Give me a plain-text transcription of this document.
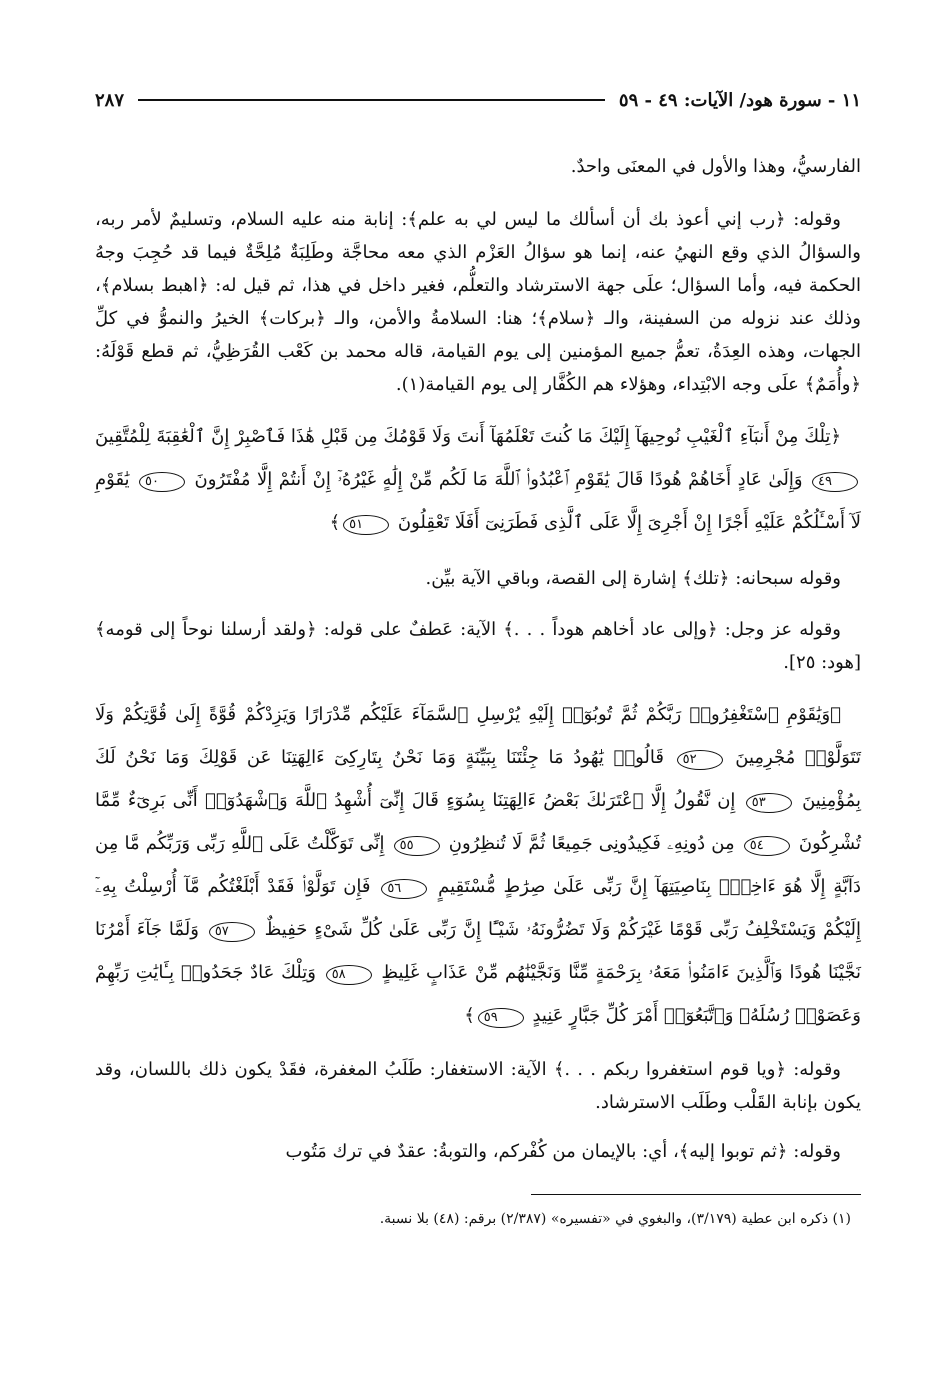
١١ - سورة هود/ الآيات: ٤٩ - ٥٩
٢٨٧

الفارسيُّ، وهذا والأول في المعنَى واحدٌ.

وقوله: ﴿رب إني أعوذ بك أن أسألك ما ليس لي به علم﴾: إنابة منه عليه السلام، وتسليمٌ لأمر ربه، والسؤالُ الذي وقع النهيُ عنه، إنما هو سؤالُ العَزْم الذي معه محاجَّة وطَلِبَةٌ مُلِحَّةٌ فيما قد حُجِبَ وجهُ الحكمة فيه، وأما السؤال؛ علَى جهة الاسترشاد والتعلُّم، فغير داخل في هذا، ثم قيل له: ﴿اهبط بسلام﴾، وذلك عند نزوله من السفينة، والـ ﴿سلام﴾؛ هنا: السلامةُ والأمن، والـ ﴿بركات﴾ الخيرُ والنموُّ في كلِّ الجهات، وهذه العِدَةُ، تعمُّ جميع المؤمنين إلى يوم القيامة، قاله محمد بن كَعْب القُرَظِيُّ، ثم قطع قَوْلَهُ: ﴿وأُمَمٌ﴾ علَى وجه الابْتِداء، وهؤلاء هم الكُفَّار إلى يوم القيامة(١).

﴿تِلْكَ مِنْ أَنبَآءِ ٱلْغَيْبِ نُوحِيهَآ إِلَيْكَ مَا كُنتَ تَعْلَمُهَآ أَنتَ وَلَا قَوْمُكَ مِن قَبْلِ هَٰذَا فَٱصْبِرْ إِنَّ ٱلْعَٰقِبَةَ لِلْمُتَّقِينَ ٤٩ وَإِلَىٰ عَادٍ أَخَاهُمْ هُودًا قَالَ يَٰقَوْمِ ٱعْبُدُوا۟ ٱللَّهَ مَا لَكُم مِّنْ إِلَٰهٍ غَيْرُهُۥٓ إِنْ أَنتُمْ إِلَّا مُفْتَرُونَ ٥٠ يَٰقَوْمِ لَآ أَسْـَٔلُكُمْ عَلَيْهِ أَجْرًا إِنْ أَجْرِىَ إِلَّا عَلَى ٱلَّذِى فَطَرَنِىٓ أَفَلَا تَعْقِلُونَ ٥١﴾

وقوله سبحانه: ﴿تلك﴾ إشارة إلى القصة، وباقي الآية بيِّن.

وقوله عز وجل: ﴿وإلى عاد أخاهم هوداً . . .﴾ الآية: عَطفٌ على قوله: ﴿ولقد أرسلنا نوحاً إلى قومه﴾ [هود: ٢٥].

﴿وَيَٰقَوْمِ ٱسْتَغْفِرُوا۟ رَبَّكُمْ ثُمَّ تُوبُوٓا۟ إِلَيْهِ يُرْسِلِ ٱلسَّمَآءَ عَلَيْكُم مِّدْرَارًا وَيَزِدْكُمْ قُوَّةً إِلَىٰ قُوَّتِكُمْ وَلَا تَتَوَلَّوْا۟ مُجْرِمِينَ ٥٢ قَالُوا۟ يَٰهُودُ مَا جِئْتَنَا بِبَيِّنَةٍ وَمَا نَحْنُ بِتَارِكِىٓ ءَالِهَتِنَا عَن قَوْلِكَ وَمَا نَحْنُ لَكَ بِمُؤْمِنِينَ ٥٣ إِن نَّقُولُ إِلَّا ٱعْتَرَىٰكَ بَعْضُ ءَالِهَتِنَا بِسُوٓءٍ قَالَ إِنِّىٓ أُشْهِدُ ٱللَّهَ وَٱشْهَدُوٓا۟ أَنِّى بَرِىٓءٌ مِّمَّا تُشْرِكُونَ ٥٤ مِن دُونِهِۦ فَكِيدُونِى جَمِيعًا ثُمَّ لَا تُنظِرُونِ ٥٥ إِنِّى تَوَكَّلْتُ عَلَى ٱللَّهِ رَبِّى وَرَبِّكُم مَّا مِن دَآبَّةٍ إِلَّا هُوَ ءَاخِذٌۢ بِنَاصِيَتِهَآ إِنَّ رَبِّى عَلَىٰ صِرَٰطٍ مُّسْتَقِيمٍ ٥٦ فَإِن تَوَلَّوْا۟ فَقَدْ أَبْلَغْتُكُم مَّآ أُرْسِلْتُ بِهِۦٓ إِلَيْكُمْ وَيَسْتَخْلِفُ رَبِّى قَوْمًا غَيْرَكُمْ وَلَا تَضُرُّونَهُۥ شَيْـًٔا إِنَّ رَبِّى عَلَىٰ كُلِّ شَىْءٍ حَفِيظٌ ٥٧ وَلَمَّا جَآءَ أَمْرُنَا نَجَّيْنَا هُودًا وَٱلَّذِينَ ءَامَنُوا۟ مَعَهُۥ بِرَحْمَةٍ مِّنَّا وَنَجَّيْنَٰهُم مِّنْ عَذَابٍ غَلِيظٍ ٥٨ وَتِلْكَ عَادٌ جَحَدُوا۟ بِـَٔايَٰتِ رَبِّهِمْ وَعَصَوْا۟ رُسُلَهُۥ وَٱتَّبَعُوٓا۟ أَمْرَ كُلِّ جَبَّارٍ عَنِيدٍ ٥٩﴾

وقوله: ﴿ويا قوم استغفروا ربكم . . .﴾ الآية: الاستغفار: طَلَبُ المغفرة، فقَدْ يكون ذلك باللسان، وقد يكون بإنابة القَلْب وطَلَب الاسترشاد.

وقوله: ﴿ثم توبوا إليه﴾، أي: بالإيمان من كُفْركم، والتوبةُ: عقدٌ في ترك مَتُوب

(١) ذكره ابن عطية (٣/١٧٩)، والبغوي في «تفسيره» (٢/٣٨٧) برقم: (٤٨) بلا نسبة.
